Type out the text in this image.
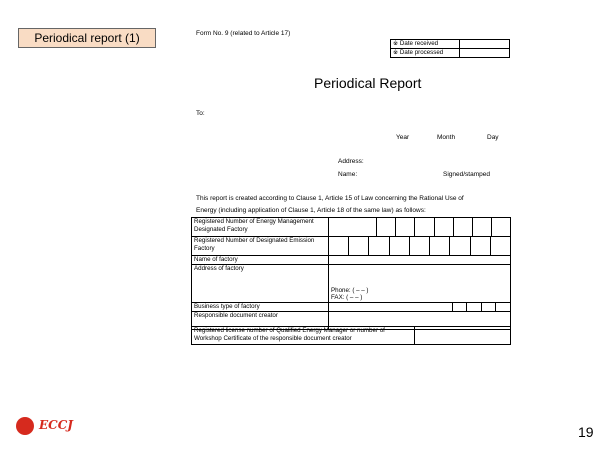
Periodical report (1)	Form No. 9 (related to Article 17)
※ Date received	
※ Date processed	
Periodical Report
To:
Year	Month	Day
Address:
Name:	Signed/stamped
This report is created according to Clause 1, Article 15 of Law concerning the Rational Use of
Energy (including application of Clause 1, Article 18 of the same law) as follows:
Registered Number of Energy Management Designated Factory	

Registered Number of Designated Emission Factory	

Name of factory	
Address of factory	Phone: ( – – )
FAX: ( – – )

Business type of factory	

Responsible document creator	
Registered license number of Qualified Energy Manager or number of Workshop Certificate of the responsible document creator	
ECCJ	19
